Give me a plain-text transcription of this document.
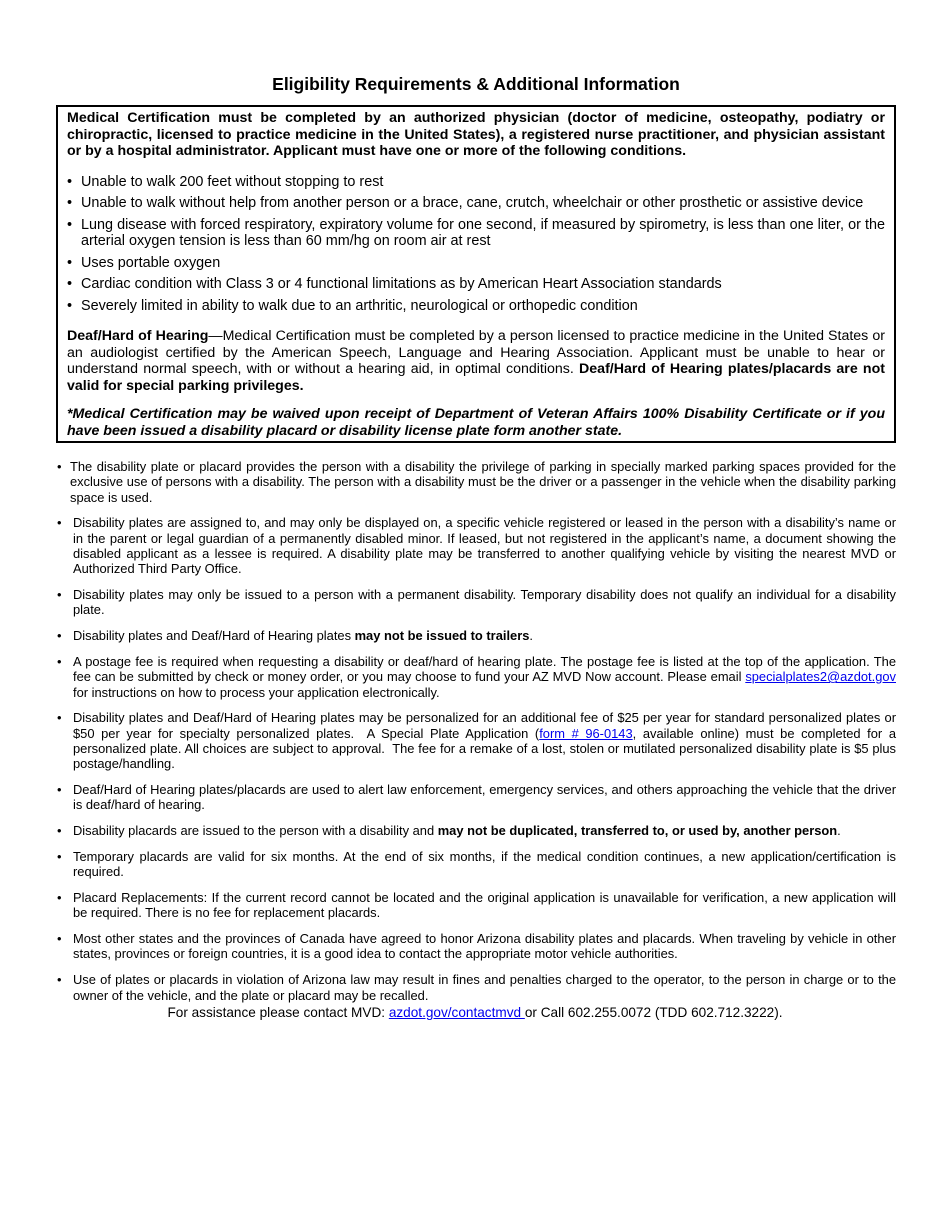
Eligibility Requirements & Additional Information

Medical Certification must be completed by an authorized physician (doctor of medicine, osteopathy, podiatry or chiropractic, licensed to practice medicine in the United States), a registered nurse practitioner, and physician assistant or by a hospital administrator. Applicant must have one or more of the following conditions.

• Unable to walk 200 feet without stopping to rest
• Unable to walk without help from another person or a brace, cane, crutch, wheelchair or other prosthetic or assistive device
• Lung disease with forced respiratory, expiratory volume for one second, if measured by spirometry, is less than one liter, or the arterial oxygen tension is less than 60 mm/hg on room air at rest
• Uses portable oxygen
• Cardiac condition with Class 3 or 4 functional limitations as by American Heart Association standards
• Severely limited in ability to walk due to an arthritic, neurological or orthopedic condition

Deaf/Hard of Hearing—Medical Certification must be completed by a person licensed to practice medicine in the United States or an audiologist certified by the American Speech, Language and Hearing Association. Applicant must be unable to hear or understand normal speech, with or without a hearing aid, in optimal conditions. Deaf/Hard of Hearing plates/placards are not valid for special parking privileges.

*Medical Certification may be waived upon receipt of Department of Veteran Affairs 100% Disability Certificate or if you have been issued a disability placard or disability license plate form another state.

• The disability plate or placard provides the person with a disability the privilege of parking in specially marked parking spaces provided for the exclusive use of persons with a disability. The person with a disability must be the driver or a passenger in the vehicle when the disability parking space is used.
• Disability plates are assigned to, and may only be displayed on, a specific vehicle registered or leased in the person with a disability’s name or in the parent or legal guardian of a permanently disabled minor. If leased, but not registered in the applicant’s name, a document showing the disabled applicant as a lessee is required. A disability plate may be transferred to another qualifying vehicle by visiting the nearest MVD or Authorized Third Party Office.
• Disability plates may only be issued to a person with a permanent disability. Temporary disability does not qualify an individual for a disability plate.
• Disability plates and Deaf/Hard of Hearing plates may not be issued to trailers.
• A postage fee is required when requesting a disability or deaf/hard of hearing plate. The postage fee is listed at the top of the application. The fee can be submitted by check or money order, or you may choose to fund your AZ MVD Now account. Please email specialplates2@azdot.gov for instructions on how to process your application electronically.
• Disability plates and Deaf/Hard of Hearing plates may be personalized for an additional fee of $25 per year for standard personalized plates or $50 per year for specialty personalized plates.  A Special Plate Application (form # 96-0143, available online) must be completed for a personalized plate. All choices are subject to approval.  The fee for a remake of a lost, stolen or mutilated personalized disability plate is $5 plus postage/handling.
• Deaf/Hard of Hearing plates/placards are used to alert law enforcement, emergency services, and others approaching the vehicle that the driver is deaf/hard of hearing.
• Disability placards are issued to the person with a disability and may not be duplicated, transferred to, or used by, another person.
• Temporary placards are valid for six months. At the end of six months, if the medical condition continues, a new application/certification is required.
• Placard Replacements: If the current record cannot be located and the original application is unavailable for verification, a new application will be required. There is no fee for replacement placards.
• Most other states and the provinces of Canada have agreed to honor Arizona disability plates and placards. When traveling by vehicle in other states, provinces or foreign countries, it is a good idea to contact the appropriate motor vehicle authorities.
• Use of plates or placards in violation of Arizona law may result in fines and penalties charged to the operator, to the person in charge or to the owner of the vehicle, and the plate or placard may be recalled.
For assistance please contact MVD: azdot.gov/contactmvd or Call 602.255.0072 (TDD 602.712.3222).
